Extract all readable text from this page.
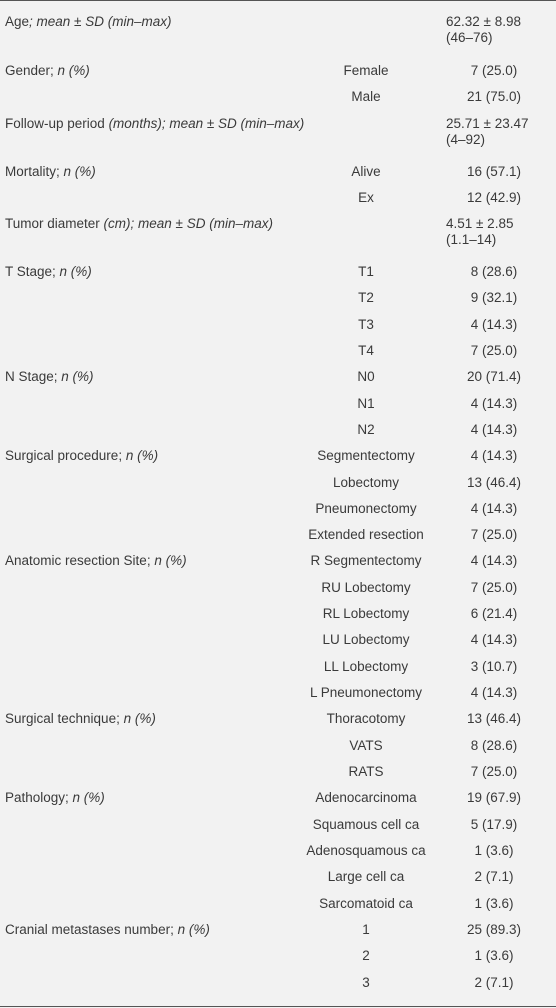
Age; mean ± SD (min–max)	62.32 ± 8.98
(46–76)
Gender; n (%)	Female	7 (25.0)
Male	21 (75.0)
Follow-up period (months); mean ± SD (min–max)	25.71 ± 23.47
(4–92)
Mortality; n (%)	Alive	16 (57.1)
Ex	12 (42.9)
Tumor diameter (cm); mean ± SD (min–max)	4.51 ± 2.85
(1.1–14)
T Stage; n (%)	T1	8 (28.6)
T2	9 (32.1)
T3	4 (14.3)
T4	7 (25.0)
N Stage; n (%)	N0	20 (71.4)
N1	4 (14.3)
N2	4 (14.3)
Surgical procedure; n (%)	Segmentectomy	4 (14.3)
Lobectomy	13 (46.4)
Pneumonectomy	4 (14.3)
Extended resection	7 (25.0)
Anatomic resection Site; n (%)	R Segmentectomy	4 (14.3)
RU Lobectomy	7 (25.0)
RL Lobectomy	6 (21.4)
LU Lobectomy	4 (14.3)
LL Lobectomy	3 (10.7)
L Pneumonectomy	4 (14.3)
Surgical technique; n (%)	Thoracotomy	13 (46.4)
VATS	8 (28.6)
RATS	7 (25.0)
Pathology; n (%)	Adenocarcinoma	19 (67.9)
Squamous cell ca	5 (17.9)
Adenosquamous ca	1 (3.6)
Large cell ca	2 (7.1)
Sarcomatoid ca	1 (3.6)
Cranial metastases number; n (%)	1	25 (89.3)
2	1 (3.6)
3	2 (7.1)
